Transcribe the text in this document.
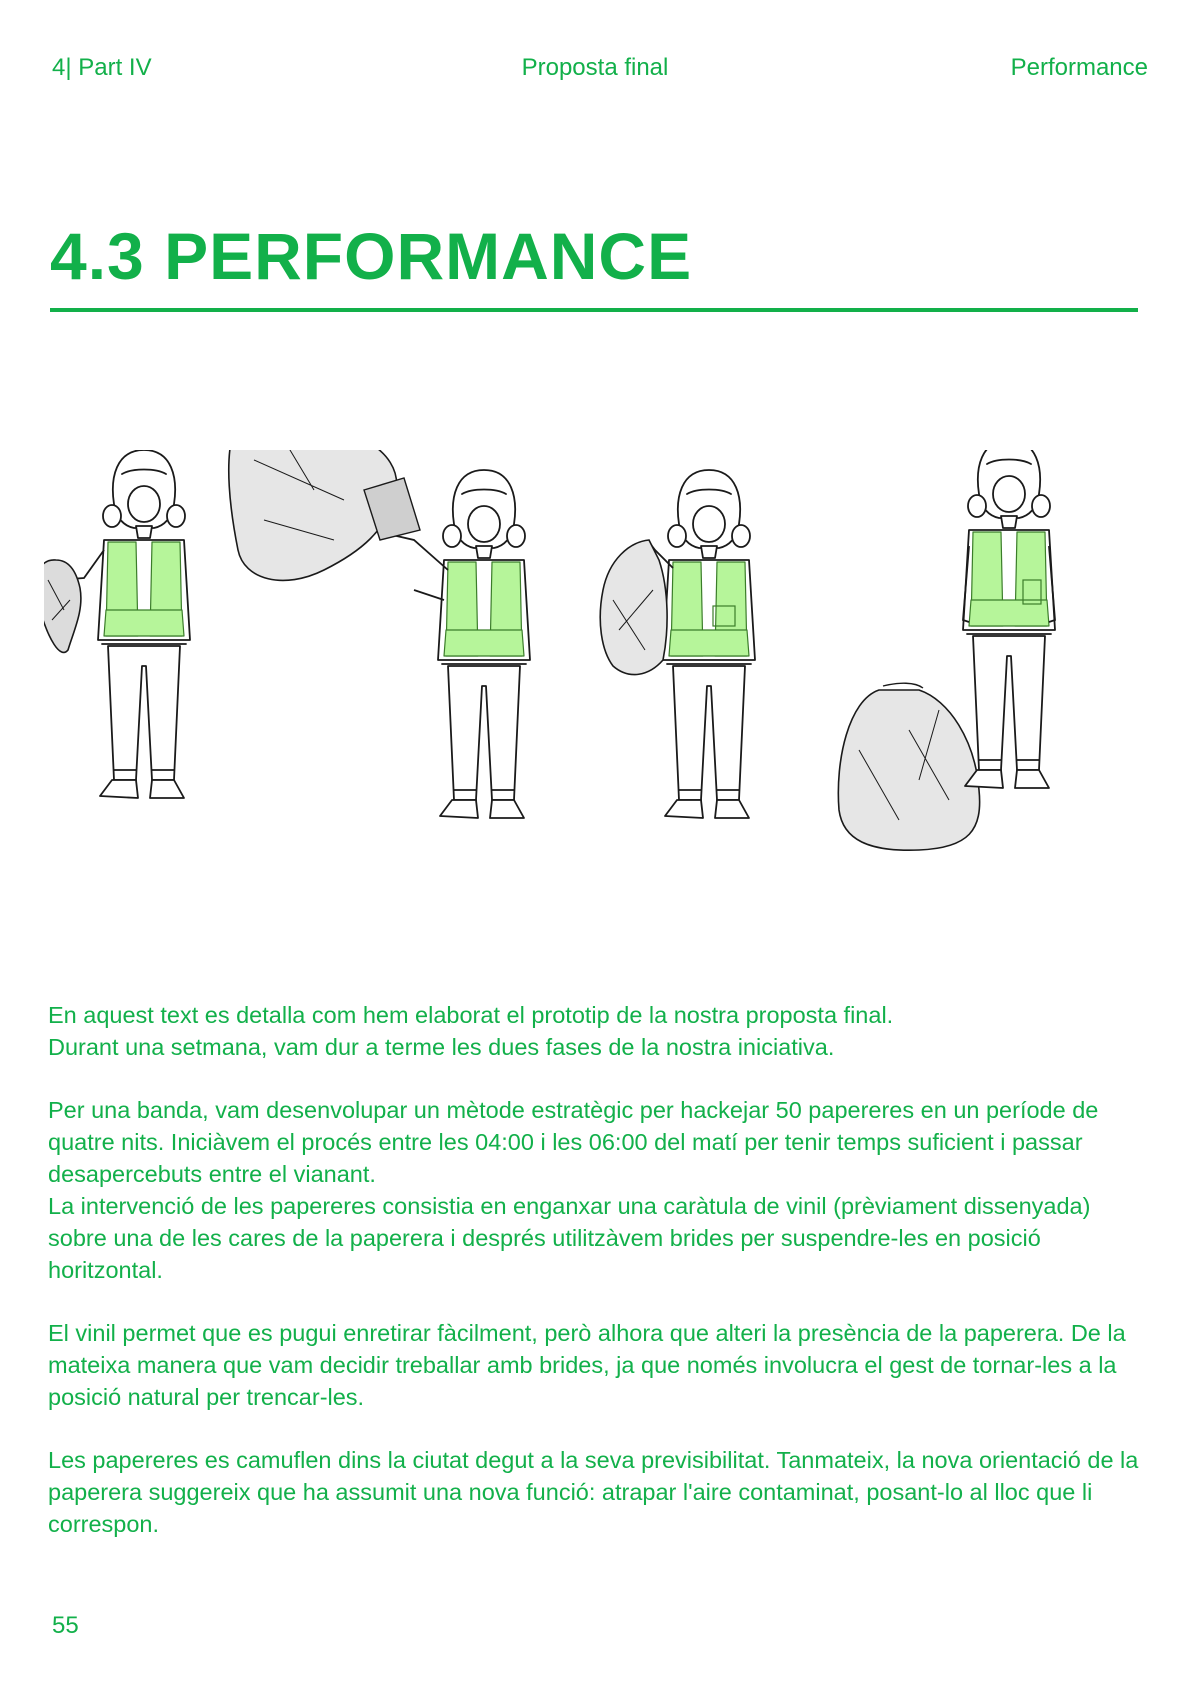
4| Part IV	Proposta final	Performance
4.3 PERFORMANCE

En aquest text es detalla com hem elaborat el prototip de la nostra proposta final.
Durant una setmana, vam dur a terme les dues fases de la nostra iniciativa.

Per una banda, vam desenvolupar un mètode estratègic per hackejar 50 papereres en un període de quatre nits. Iniciàvem el procés entre les 04:00 i les 06:00 del matí per tenir temps suficient i passar desapercebuts entre el vianant.
La intervenció de les papereres consistia en enganxar una caràtula de vinil (prèviament dissenyada) sobre una de les cares de la paperera i després utilitzàvem brides per suspendre-les en posició horitzontal.

El vinil permet que es pugui enretirar fàcilment, però alhora que alteri la presència de la paperera. De la mateixa manera que vam decidir treballar amb brides, ja que només involucra el gest de tornar-les a la posició natural per trencar-les.

Les papereres es camuflen dins la ciutat degut a la seva previsibilitat. Tanmateix, la nova orientació de la paperera suggereix que ha assumit una nova funció: atrapar l'aire contaminat, posant-lo al lloc que li correspon.

55
